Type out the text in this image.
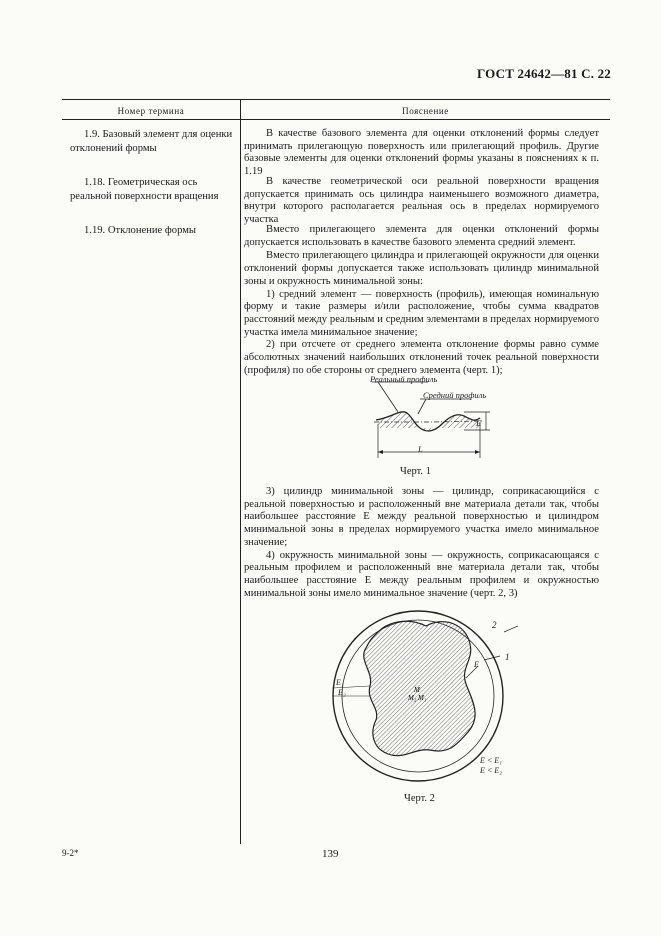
ГОСТ 24642—81 С. 22
Номер термина	Пояснение
1.9. Базовый элемент для оценки отклонений формы
1.18. Геометрическая ось реальной поверхности вращения
1.19. Отклонение формы

В качестве базового элемента для оценки отклонений формы следует принимать прилегающую поверхность или прилегающий профиль. Другие базовые элементы для оценки отклонений формы указаны в пояснениях к п. 1.19

В качестве геометрической оси реальной поверхности вращения допускается принимать ось цилиндра наименьшего возможного диаметра, внутри которого располагается реальная ось в пределах нормируемого участка

Вместо прилегающего элемента для оценки отклонений формы допускается использовать в качестве базового элемента средний элемент.

Вместо прилегающего цилиндра и прилегающей окружности для оценки отклонений формы допускается также использовать цилиндр минимальной зоны и окружность минимальной зоны:

1) средний элемент — поверхность (профиль), имеющая номинальную форму и такие размеры и/или расположение, чтобы сумма квадратов расстояний между реальным и средним элементами в пределах нормируемого участка имела минимальное значение;

2) при отсчете от среднего элемента отклонение формы равно сумме абсолютных значений наибольших отклонений точек реальной поверхности (профиля) по обе стороны от среднего элемента (черт. 1);

Реальный профиль
Средний профиль
E
L
Черт. 1

3) цилиндр минимальной зоны — цилиндр, соприкасающийся с реальной поверхностью и расположенный вне материала детали так, чтобы наибольшее расстояние E между реальной поверхностью и цилиндром минимальной зоны в пределах нормируемого участка имело минимальное значение;

4) окружность минимальной зоны — окружность, соприкасающаяся с реальным профилем и расположенный вне материала детали так, чтобы наибольшее расстояние E между реальным профилем и окружностью минимальной зоны имело минимальное значение (черт. 2, 3)

M
M₂ M₁
2
1
E
E₁
E₂
E < E₁
E < E₂
Черт. 2
9-2*	139
